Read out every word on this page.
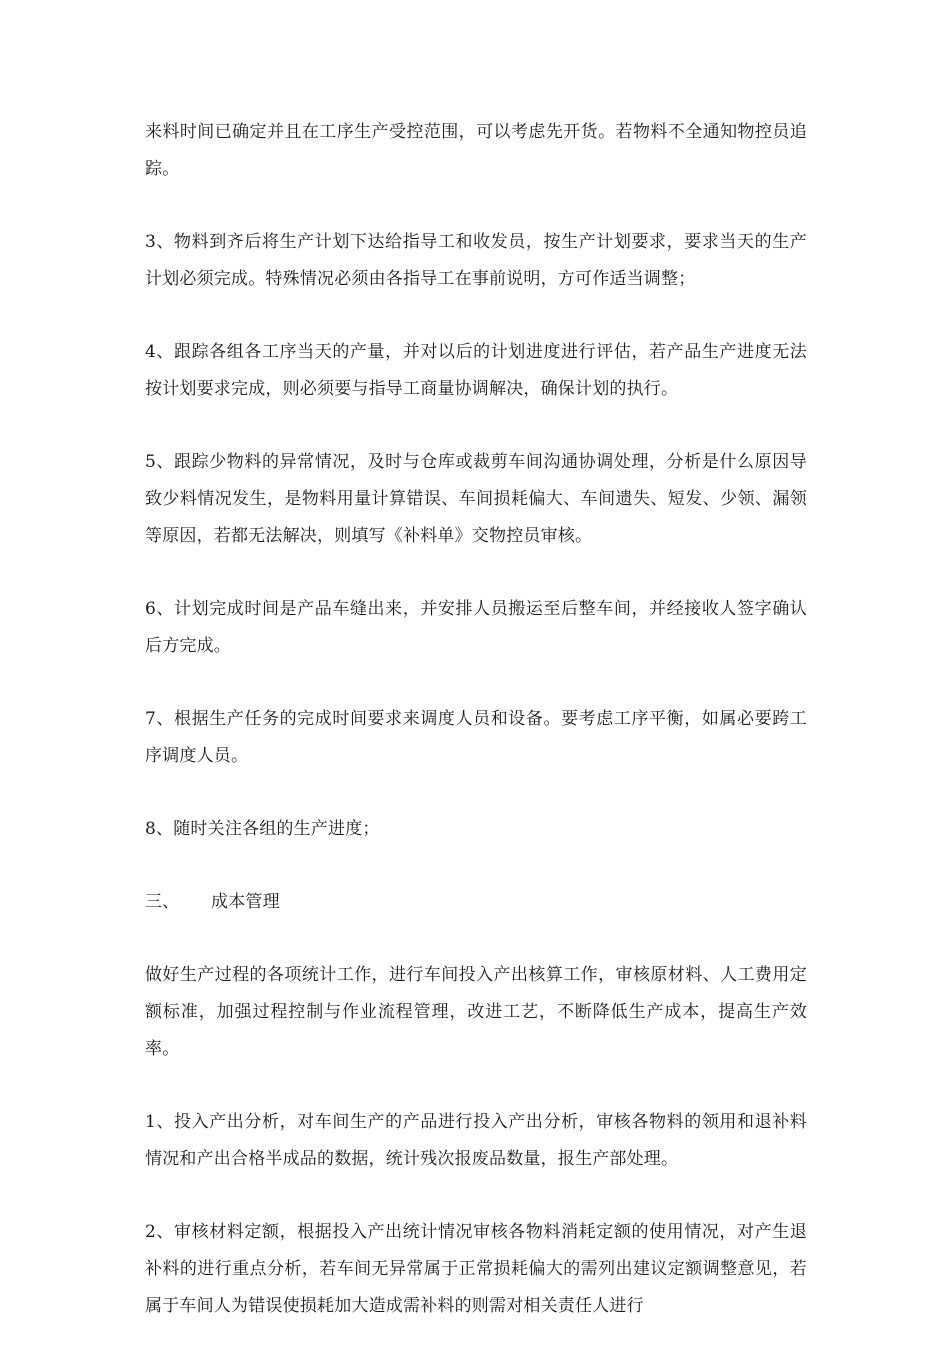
来料时间已确定并且在工序生产受控范围，可以考虑先开货。若物料不全通知物控员追踪。

3、物料到齐后将生产计划下达给指导工和收发员，按生产计划要求，要求当天的生产计划必须完成。特殊情况必须由各指导工在事前说明，方可作适当调整；

4、跟踪各组各工序当天的产量，并对以后的计划进度进行评估，若产品生产进度无法按计划要求完成，则必须要与指导工商量协调解决，确保计划的执行。

5、跟踪少物料的异常情况，及时与仓库或裁剪车间沟通协调处理，分析是什么原因导致少料情况发生，是物料用量计算错误、车间损耗偏大、车间遗失、短发、少领、漏领等原因，若都无法解决，则填写《补料单》交物控员审核。

6、计划完成时间是产品车缝出来，并安排人员搬运至后整车间，并经接收人签字确认后方完成。

7、根据生产任务的完成时间要求来调度人员和设备。要考虑工序平衡，如属必要跨工序调度人员。

8、随时关注各组的生产进度；

三、 成本管理

做好生产过程的各项统计工作，进行车间投入产出核算工作，审核原材料、人工费用定额标准，加强过程控制与作业流程管理，改进工艺，不断降低生产成本，提高生产效率。

1、投入产出分析，对车间生产的产品进行投入产出分析，审核各物料的领用和退补料情况和产出合格半成品的数据，统计残次报废品数量，报生产部处理。

2、审核材料定额，根据投入产出统计情况审核各物料消耗定额的使用情况，对产生退补料的进行重点分析，若车间无异常属于正常损耗偏大的需列出建议定额调整意见，若属于车间人为错误使损耗加大造成需补料的则需对相关责任人进行
